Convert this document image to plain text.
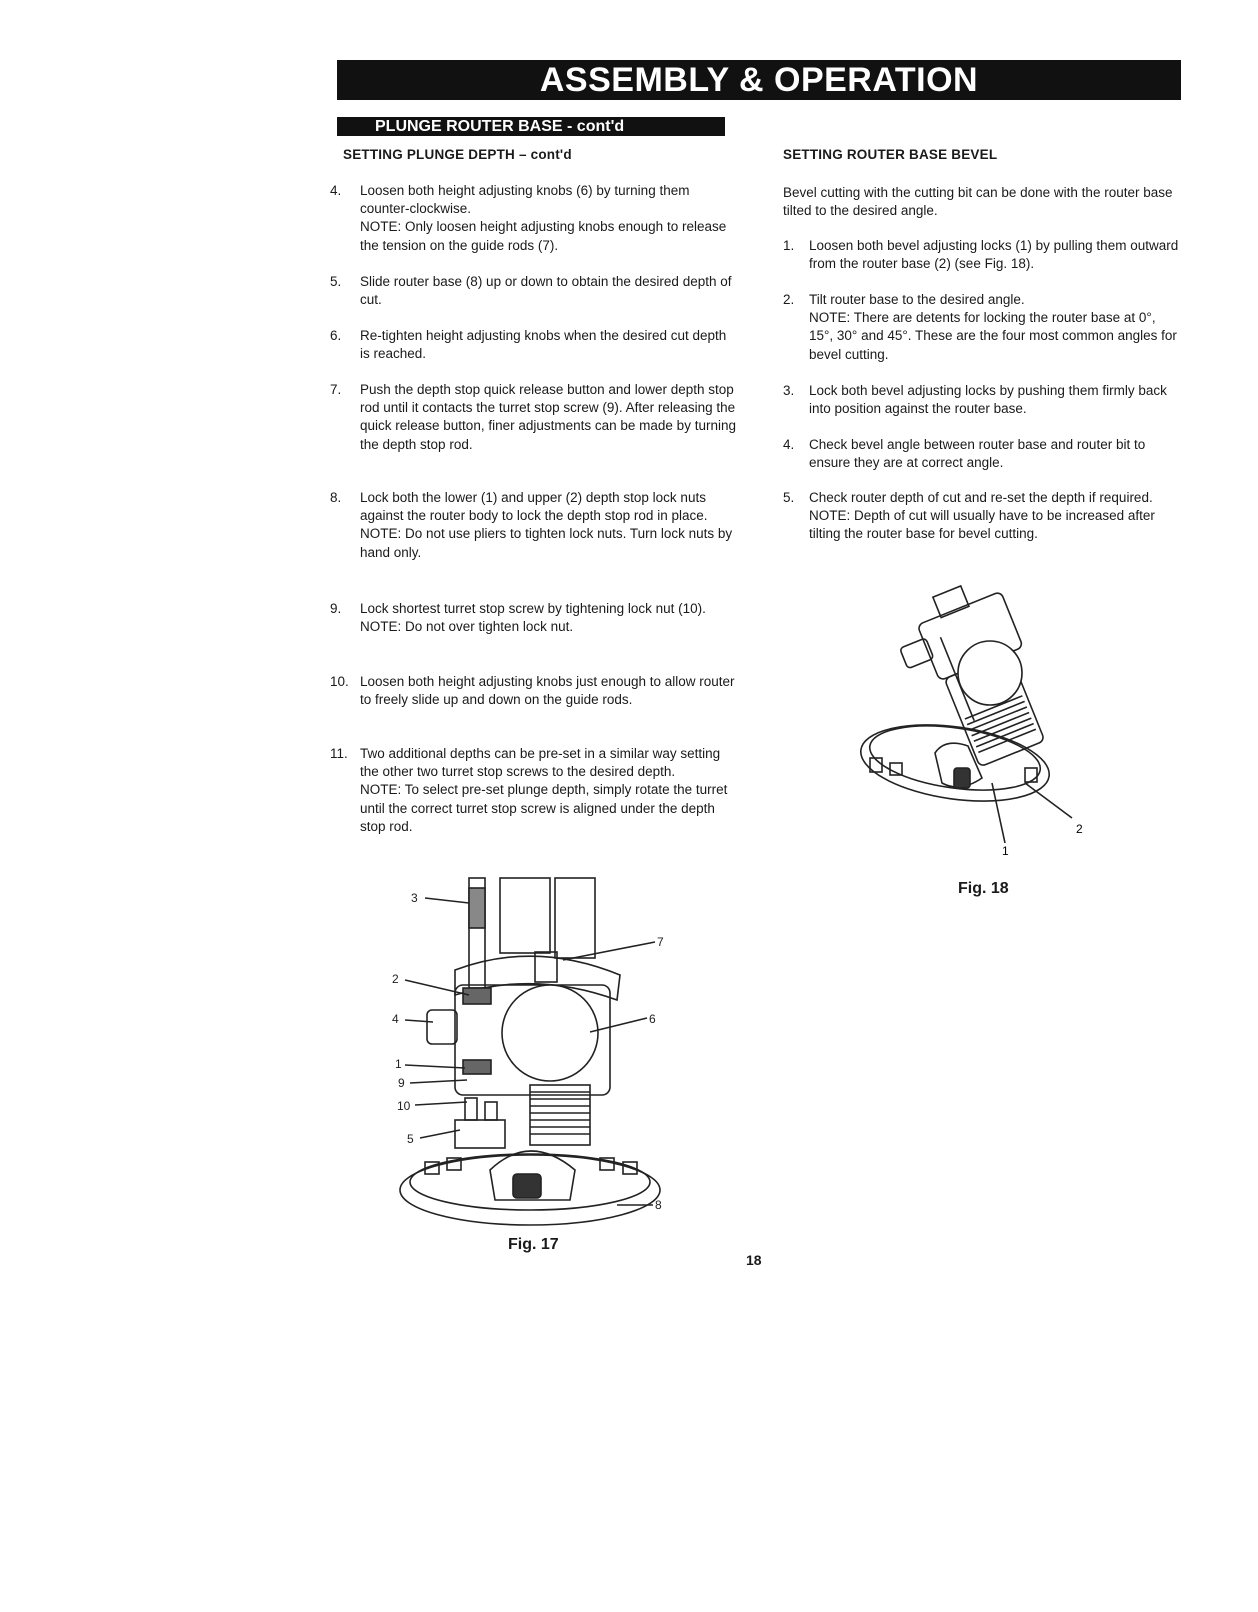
ASSEMBLY & OPERATION
PLUNGE ROUTER BASE - cont'd
SETTING PLUNGE DEPTH – cont'd
4. Loosen both height adjusting knobs (6) by turning them counter-clockwise.
NOTE: Only loosen height adjusting knobs enough to release the tension on the guide rods (7).
5. Slide router base (8) up or down to obtain the desired depth of cut.
6. Re-tighten height adjusting knobs when the desired cut depth is reached.
7. Push the depth stop quick release button and lower depth stop rod until it contacts the turret stop screw (9). After releasing the quick release button, finer adjustments can be made by turning the depth stop rod.
8. Lock both the lower (1) and upper (2) depth stop lock nuts against the router body to lock the depth stop rod in place.
NOTE: Do not use pliers to tighten lock nuts. Turn lock nuts by hand only.
9. Lock shortest turret stop screw by tightening lock nut (10).
NOTE: Do not over tighten lock nut.
10. Loosen both height adjusting knobs just enough to allow router to freely slide up and down on the guide rods.
11. Two additional depths can be pre-set in a similar way setting the other two turret stop screws to the desired depth.
NOTE: To select pre-set plunge depth, simply rotate the turret until the correct turret stop screw is aligned under the depth stop rod.
SETTING ROUTER BASE BEVEL
Bevel cutting with the cutting bit can be done with the router base tilted to the desired angle.
1. Loosen both bevel adjusting locks (1) by pulling them outward from the router base (2) (see Fig. 18).
2. Tilt router base to the desired angle.
NOTE: There are detents for locking the router base at 0°, 15°, 30° and 45°. These are the four most common angles for bevel cutting.
3. Lock both bevel adjusting locks by pushing them firmly back into position against the router base.
4. Check bevel angle between router base and router bit to ensure they are at correct angle.
5. Check router depth of cut and re-set the depth if required.
NOTE: Depth of cut will usually have to be increased after tilting the router base for bevel cutting.
1
2
Fig. 18
3
7
2
4	6
1
9
10
5
8
Fig. 17
18
